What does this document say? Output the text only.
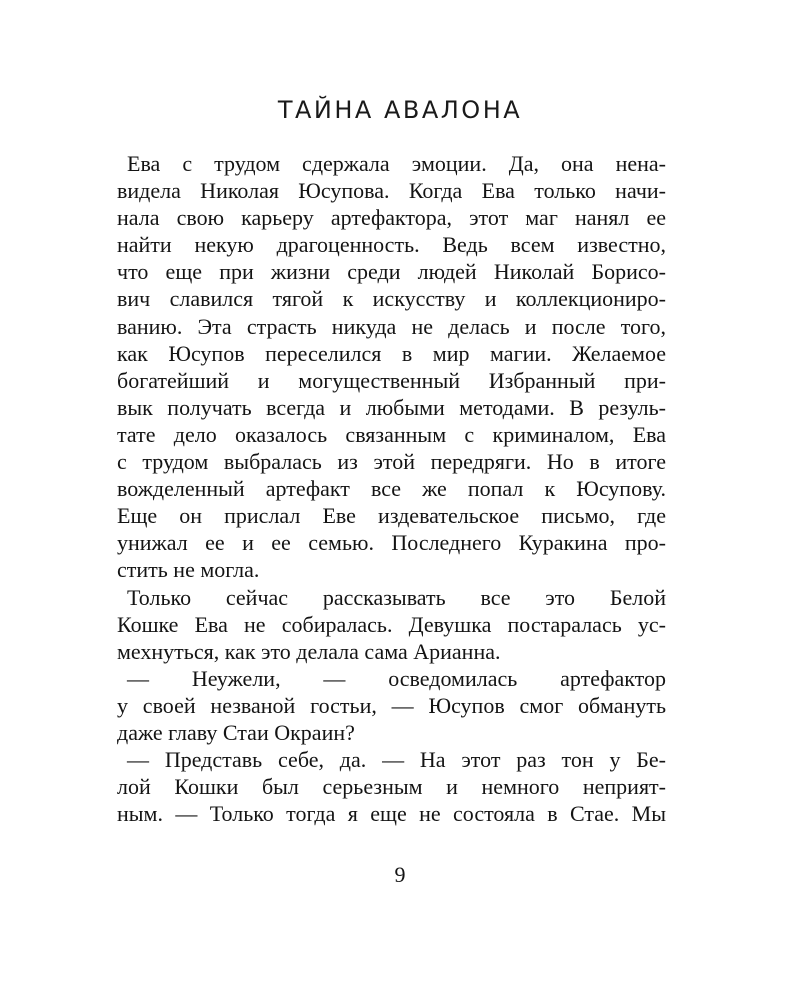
ТАЙНА АВАЛОНА
Ева с трудом сдержала эмоции. Да, она нена-
видела Николая Юсупова. Когда Ева только начи-
нала свою карьеру артефактора, этот маг нанял ее
найти некую драгоценность. Ведь всем известно,
что еще при жизни среди людей Николай Борисо-
вич славился тягой к искусству и коллекциониро-
ванию. Эта страсть никуда не делась и после того,
как Юсупов переселился в мир магии. Желаемое
богатейший и могущественный Избранный при-
вык получать всегда и любыми методами. В резуль-
тате дело оказалось связанным с криминалом, Ева
с трудом выбралась из этой передряги. Но в итоге
вожделенный артефакт все же попал к Юсупову.
Еще он прислал Еве издевательское письмо, где
унижал ее и ее семью. Последнего Куракина про-
стить не могла.
Только сейчас рассказывать все это Белой
Кошке Ева не собиралась. Девушка постаралась ус-
мехнуться, как это делала сама Арианна.
— Неужели, — осведомилась артефактор
у своей незваной гостьи, — Юсупов смог обмануть
даже главу Стаи Окраин?
— Представь себе, да. — На этот раз тон у Бе-
лой Кошки был серьезным и немного неприят-
ным. — Только тогда я еще не состояла в Стае. Мы
9
